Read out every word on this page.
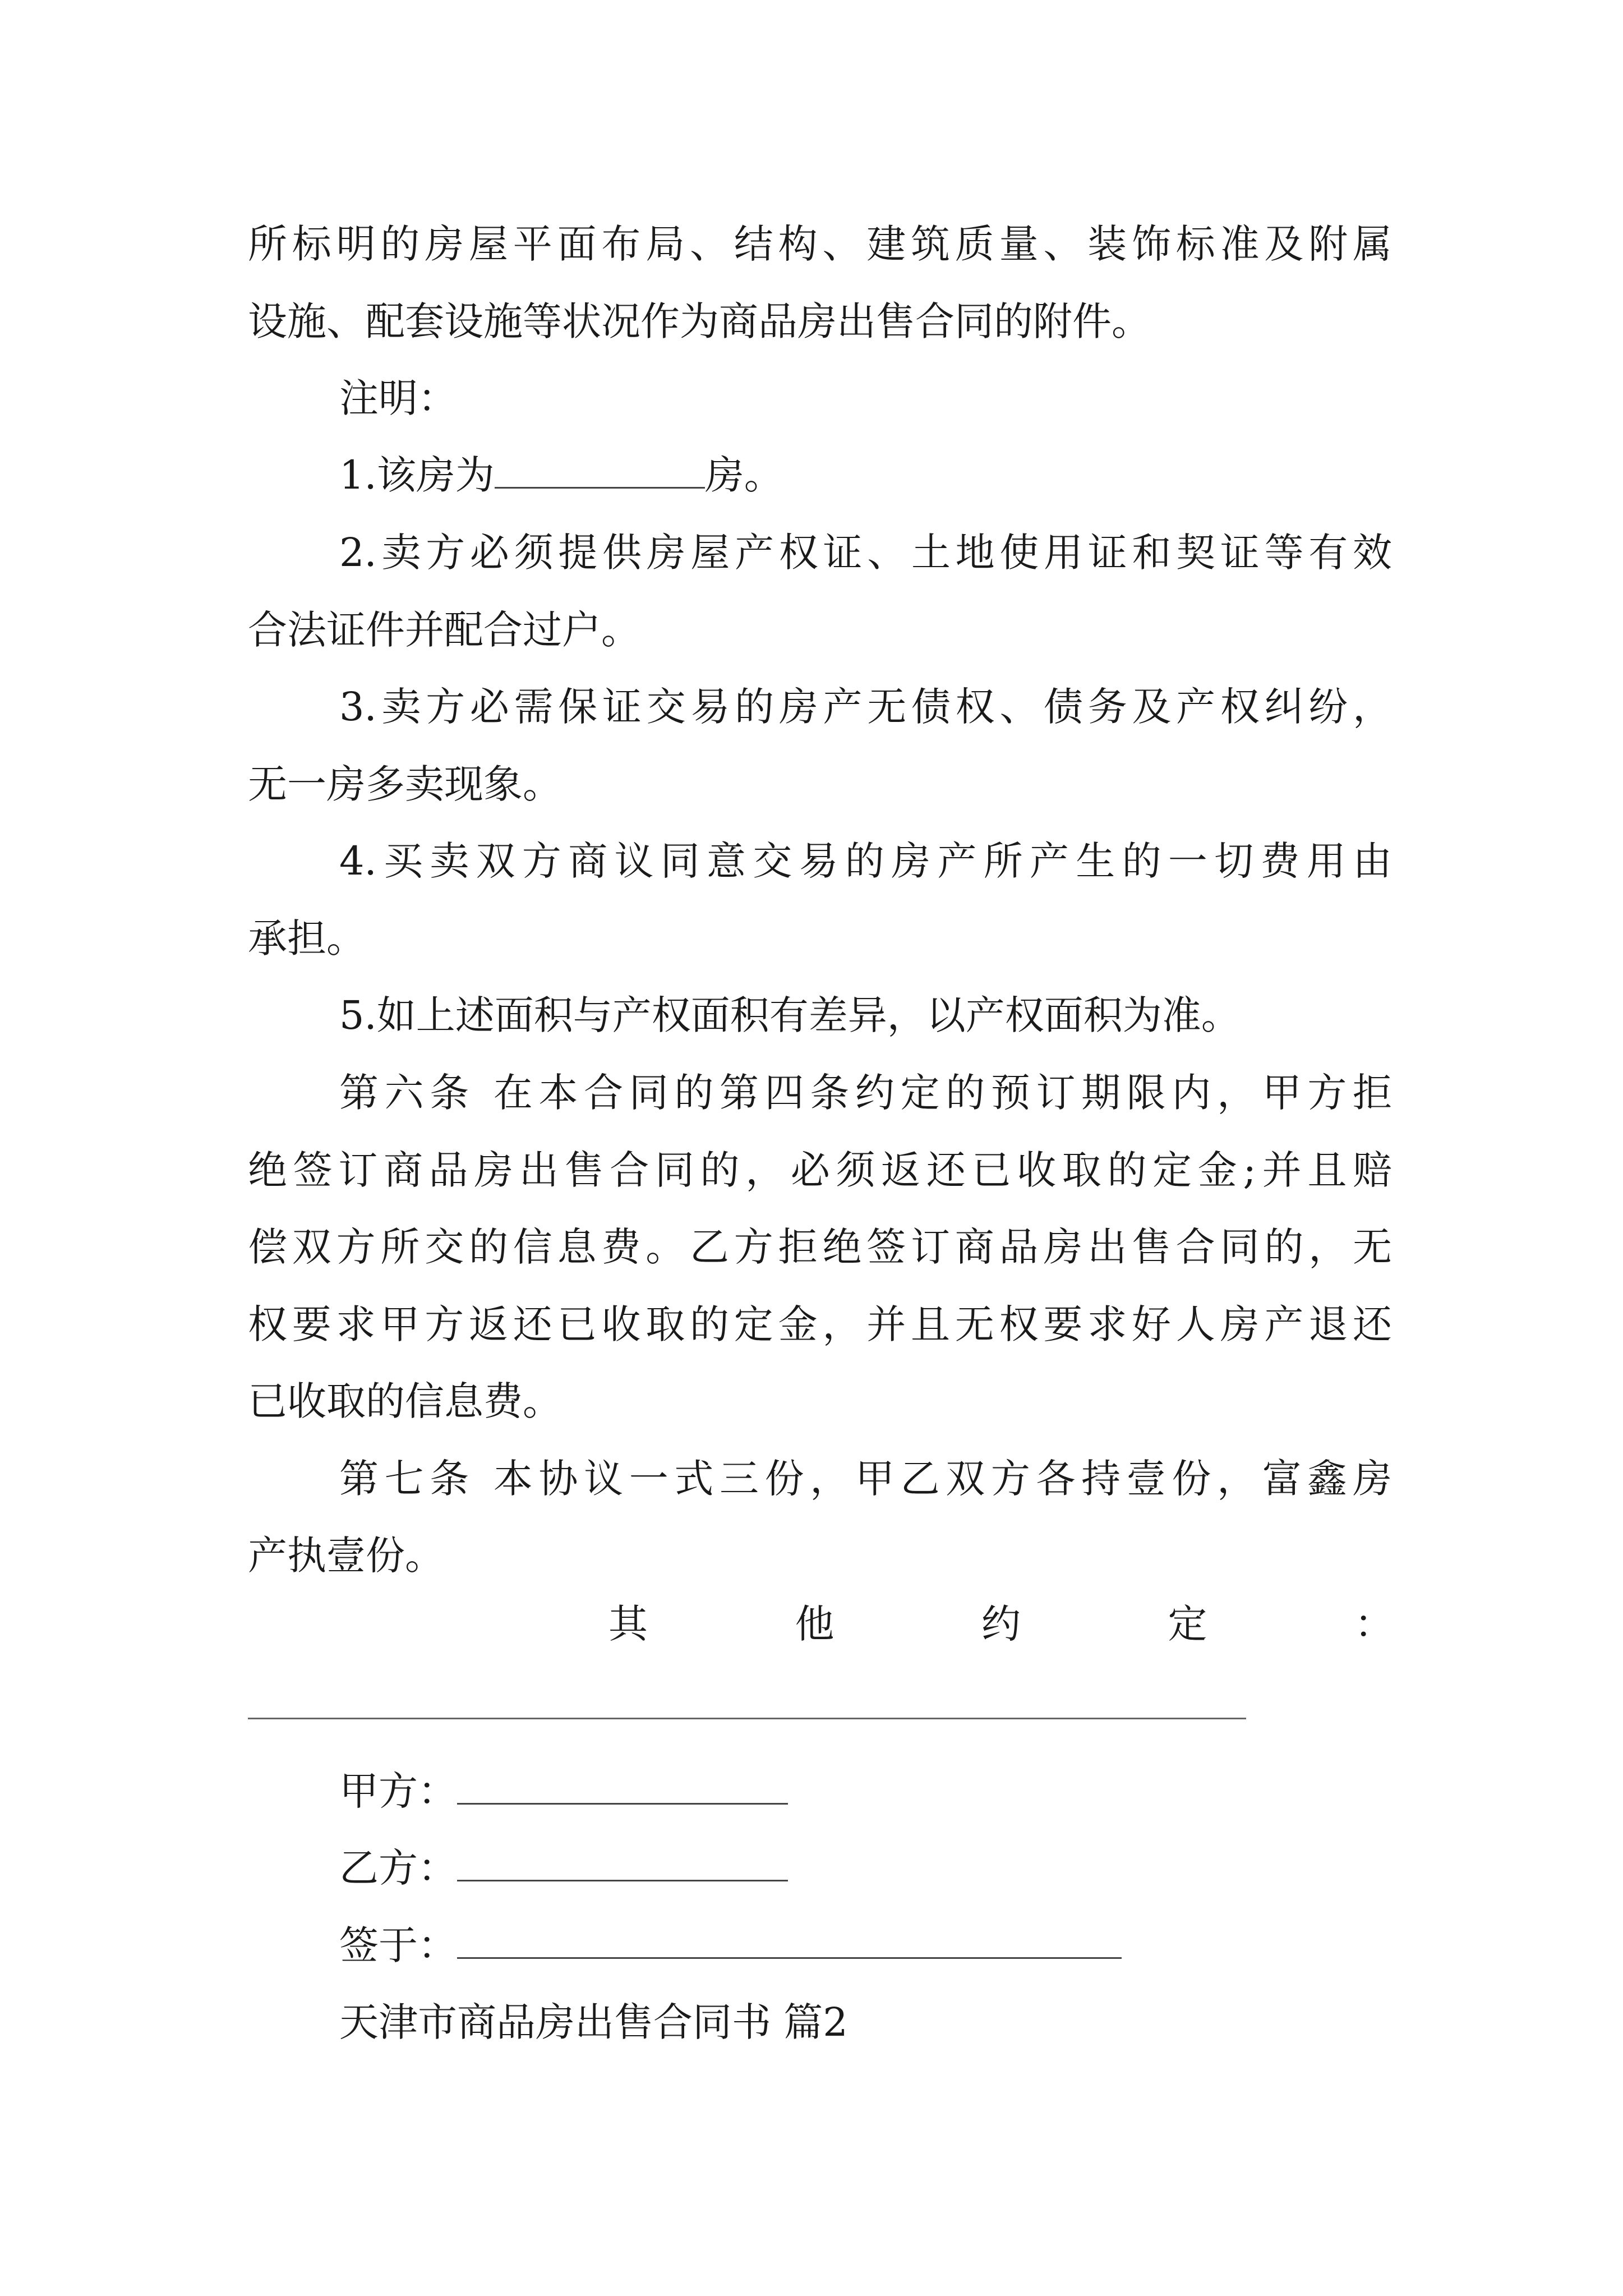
所标明的房屋平面布局、结构、建筑质量、装饰标准及附属
设施、配套设施等状况作为商品房出售合同的附件。
注明：
1.该房为	房。
2.卖方必须提供房屋产权证、土地使用证和契证等有效
合法证件并配合过户。
3.卖方必需保证交易的房产无债权、债务及产权纠纷，
无一房多卖现象。
4.买卖双方商议同意交易的房产所产生的一切费用由
承担。
5.如上述面积与产权面积有差异，以产权面积为准。
第六条 在本合同的第四条约定的预订期限内，甲方拒
绝签订商品房出售合同的，必须返还已收取的定金;并且赔
偿双方所交的信息费。乙方拒绝签订商品房出售合同的，无
权要求甲方返还已收取的定金，并且无权要求好人房产退还
已收取的信息费。
第七条 本协议一式三份，甲乙双方各持壹份，富鑫房
产执壹份。
其他约定：
甲方：
乙方：
签于：
天津市商品房出售合同书 篇2
